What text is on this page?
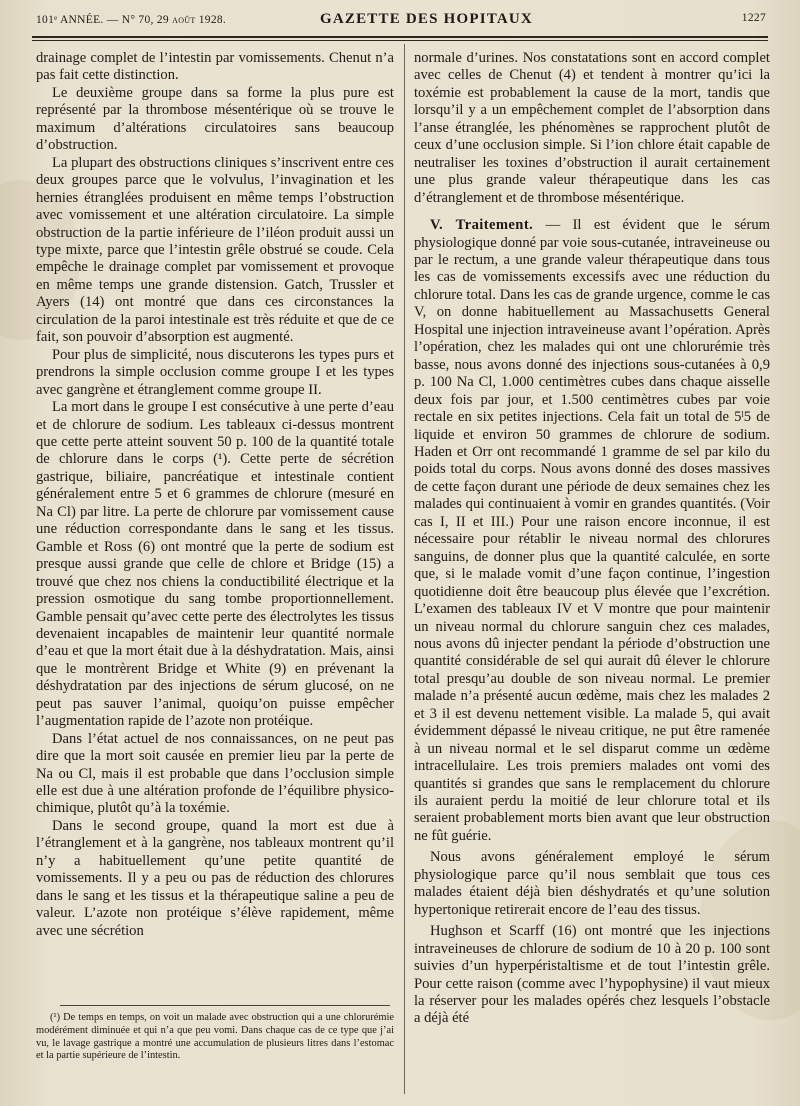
101ᵉ ANNÉE. — N° 70, 29 août 1928.	GAZETTE DES HOPITAUX	1227

drainage complet de l’intestin par vomissements. Chenut n’a pas fait cette distinction.

Le deuxième groupe dans sa forme la plus pure est représenté par la thrombose mésentérique où se trouve le maximum d’altérations circulatoires sans beaucoup d’obstruction.

La plupart des obstructions cliniques s’inscrivent entre ces deux groupes parce que le volvulus, l’invagination et les hernies étranglées produisent en même temps l’obstruction avec vomissement et une altération circulatoire. La simple obstruction de la partie inférieure de l’iléon produit aussi un type mixte, parce que l’intestin grêle obstrué se coude. Cela empêche le drainage complet par vomissement et provoque en même temps une grande distension. Gatch, Trussler et Ayers (14) ont montré que dans ces circonstances la circulation de la paroi intestinale est très réduite et que de ce fait, son pouvoir d’absorption est augmenté.

Pour plus de simplicité, nous discuterons les types purs et prendrons la simple occlusion comme groupe I et les types avec gangrène et étranglement comme groupe II.

La mort dans le groupe I est consécutive à une perte d’eau et de chlorure de sodium. Les tableaux ci-dessus montrent que cette perte atteint souvent 50 p. 100 de la quantité totale de chlorure dans le corps (¹). Cette perte de sécrétion gastrique, biliaire, pancréatique et intestinale contient généralement entre 5 et 6 grammes de chlorure (mesuré en Na Cl) par litre. La perte de chlorure par vomissement cause une réduction correspondante dans le sang et les tissus. Gamble et Ross (6) ont montré que la perte de sodium est presque aussi grande que celle de chlore et Bridge (15) a trouvé que chez nos chiens la conductibilité électrique et la pression osmotique du sang tombe proportionnellement. Gamble pensait qu’avec cette perte des électrolytes les tissus devenaient incapables de maintenir leur quantité normale d’eau et que la mort était due à la déshydratation. Mais, ainsi que le montrèrent Bridge et White (9) en prévenant la déshydratation par des injections de sérum glucosé, on ne peut pas sauver l’animal, quoiqu’on puisse empêcher l’augmentation rapide de l’azote non protéique.

Dans l’état actuel de nos connaissances, on ne peut pas dire que la mort soit causée en premier lieu par la perte de Na ou Cl, mais il est probable que dans l’occlusion simple elle est due à une altération profonde de l’équilibre physico-chimique, plutôt qu’à la toxémie.

Dans le second groupe, quand la mort est due à l’étranglement et à la gangrène, nos tableaux montrent qu’il n’y a habituellement qu’une petite quantité de vomissements. Il y a peu ou pas de réduction des chlorures dans le sang et les tissus et la thérapeutique saline a peu de valeur. L’azote non protéique s’élève rapidement, même avec une sécrétion

(¹) De temps en temps, on voit un malade avec obstruction qui a une chlorurémie modérément diminuée et qui n’a que peu vomi. Dans chaque cas de ce type que j’ai vu, le lavage gastrique a montré une accumulation de plusieurs litres dans l’estomac et la partie supérieure de l’intestin.

normale d’urines. Nos constatations sont en accord complet avec celles de Chenut (4) et tendent à montrer qu’ici la toxémie est probablement la cause de la mort, tandis que lorsqu’il y a un empêchement complet de l’absorption dans l’anse étranglée, les phénomènes se rapprochent plutôt de ceux d’une occlusion simple. Si l’ion chlore était capable de neutraliser les toxines d’obstruction il aurait certainement une plus grande valeur thérapeutique dans les cas d’étranglement et de thrombose mésentérique.

V. Traitement. — Il est évident que le sérum physiologique donné par voie sous-cutanée, intraveineuse ou par le rectum, a une grande valeur thérapeutique dans tous les cas de vomissements excessifs avec une réduction du chlorure total. Dans les cas de grande urgence, comme le cas V, on donne habituellement au Massachusetts General Hospital une injection intraveineuse avant l’opération. Après l’opération, chez les malades qui ont une chlorurémie très basse, nous avons donné des injections sous-cutanées à 0,9 p. 100 Na Cl, 1.000 centimètres cubes dans chaque aisselle deux fois par jour, et 1.500 centimètres cubes par voie rectale en six petites injections. Cela fait un total de 5ˡ5 de liquide et environ 50 grammes de chlorure de sodium. Haden et Orr ont recommandé 1 gramme de sel par kilo du poids total du corps. Nous avons donné des doses massives de cette façon durant une période de deux semaines chez les malades qui continuaient à vomir en grandes quantités. (Voir cas I, II et III.) Pour une raison encore inconnue, il est nécessaire pour rétablir le niveau normal des chlorures sanguins, de donner plus que la quantité calculée, en sorte que, si le malade vomit d’une façon continue, l’ingestion quotidienne doit être beaucoup plus élevée que l’excrétion. L’examen des tableaux IV et V montre que pour maintenir un niveau normal du chlorure sanguin chez ces malades, nous avons dû injecter pendant la période d’obstruction une quantité considérable de sel qui aurait dû élever le chlorure total presqu’au double de son niveau normal. Le premier malade n’a présenté aucun œdème, mais chez les malades 2 et 3 il est devenu nettement visible. La malade 5, qui avait évidemment dépassé le niveau critique, ne put être ramenée à un niveau normal et le sel disparut comme un œdème intracellulaire. Les trois premiers malades ont vomi des quantités si grandes que sans le remplacement du chlorure ils auraient perdu la moitié de leur chlorure total et ils seraient probablement morts bien avant que leur obstruction ne fût guérie.

Nous avons généralement employé le sérum physiologique parce qu’il nous semblait que tous ces malades étaient déjà bien déshydratés et qu’une solution hypertonique retirerait encore de l’eau des tissus.

Hughson et Scarff (16) ont montré que les injections intraveineuses de chlorure de sodium de 10 à 20 p. 100 sont suivies d’un hyperpéristaltisme et de tout l’intestin grêle. Pour cette raison (comme avec l’hypophysine) il vaut mieux la réserver pour les malades opérés chez lesquels l’obstacle a déjà été
